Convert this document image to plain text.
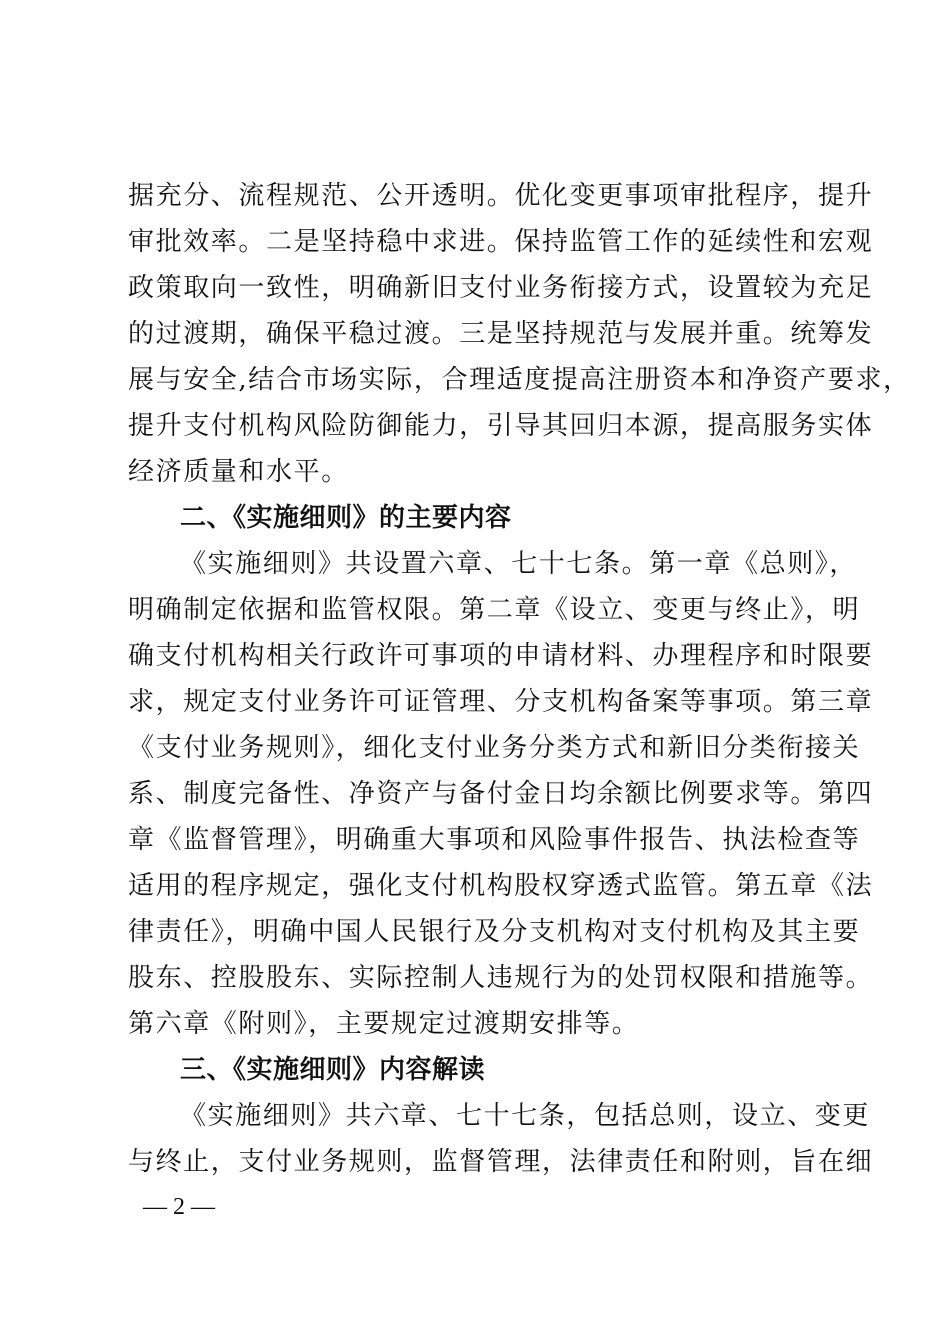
据充分、流程规范、公开透明。优化变更事项审批程序，提升
审批效率。二是坚持稳中求进。保持监管工作的延续性和宏观
政策取向一致性，明确新旧支付业务衔接方式，设置较为充足
的过渡期，确保平稳过渡。三是坚持规范与发展并重。统筹发
展与安全,结合市场实际，合理适度提高注册资本和净资产要求，
提升支付机构风险防御能力，引导其回归本源，提高服务实体
经济质量和水平。
二、《实施细则》的主要内容
《实施细则》共设置六章、七十七条。第一章《总则》，
明确制定依据和监管权限。第二章《设立、变更与终止》，明
确支付机构相关行政许可事项的申请材料、办理程序和时限要
求，规定支付业务许可证管理、分支机构备案等事项。第三章
《支付业务规则》，细化支付业务分类方式和新旧分类衔接关
系、制度完备性、净资产与备付金日均余额比例要求等。第四
章《监督管理》，明确重大事项和风险事件报告、执法检查等
适用的程序规定，强化支付机构股权穿透式监管。第五章《法
律责任》，明确中国人民银行及分支机构对支付机构及其主要
股东、控股股东、实际控制人违规行为的处罚权限和措施等。
第六章《附则》，主要规定过渡期安排等。
三、《实施细则》内容解读
《实施细则》共六章、七十七条，包括总则，设立、变更
与终止，支付业务规则，监督管理，法律责任和附则，旨在细
— 2 —
